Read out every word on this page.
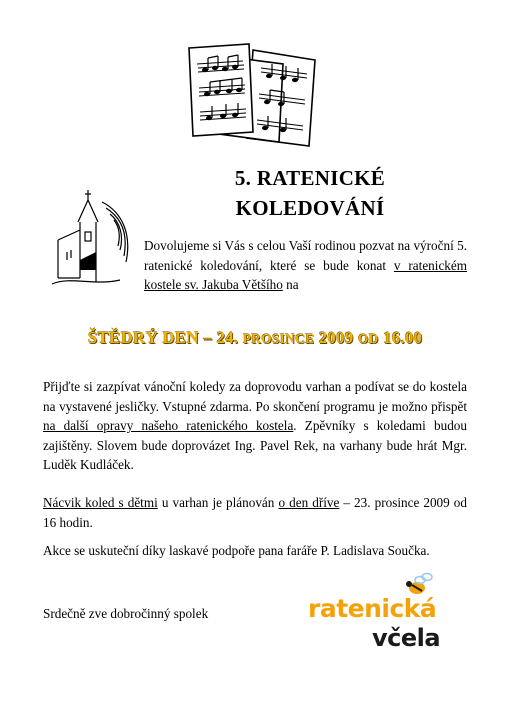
5. RATENICKÉ
KOLEDOVÁNÍ
Dovolujeme si Vás s celou Vaší rodinou pozvat na výroční 5. ratenické koledování, které se bude konat v ratenickém kostele sv. Jakuba Většího na
ŠTĚDRÝ DEN – 24. PROSINCE 2009 OD 16.00

Přijďte si zazpívat vánoční koledy za doprovodu varhan a podívat se do kostela na vystavené jesličky. Vstupné zdarma. Po skončení programu je možno přispět na další opravy našeho ratenického kostela. Zpěvníky s koledami budou zajištěny. Slovem bude doprovázet Ing. Pavel Rek, na varhany bude hrát Mgr. Luděk Kudláček.

Nácvik koled s dětmi u varhan je plánován o den dříve – 23. prosince 2009 od 16 hodin.

Akce se uskuteční díky laskavé podpoře pana faráře P. Ladislava Součka.

Srdečně zve dobročinný spolek	ratenická
včela
